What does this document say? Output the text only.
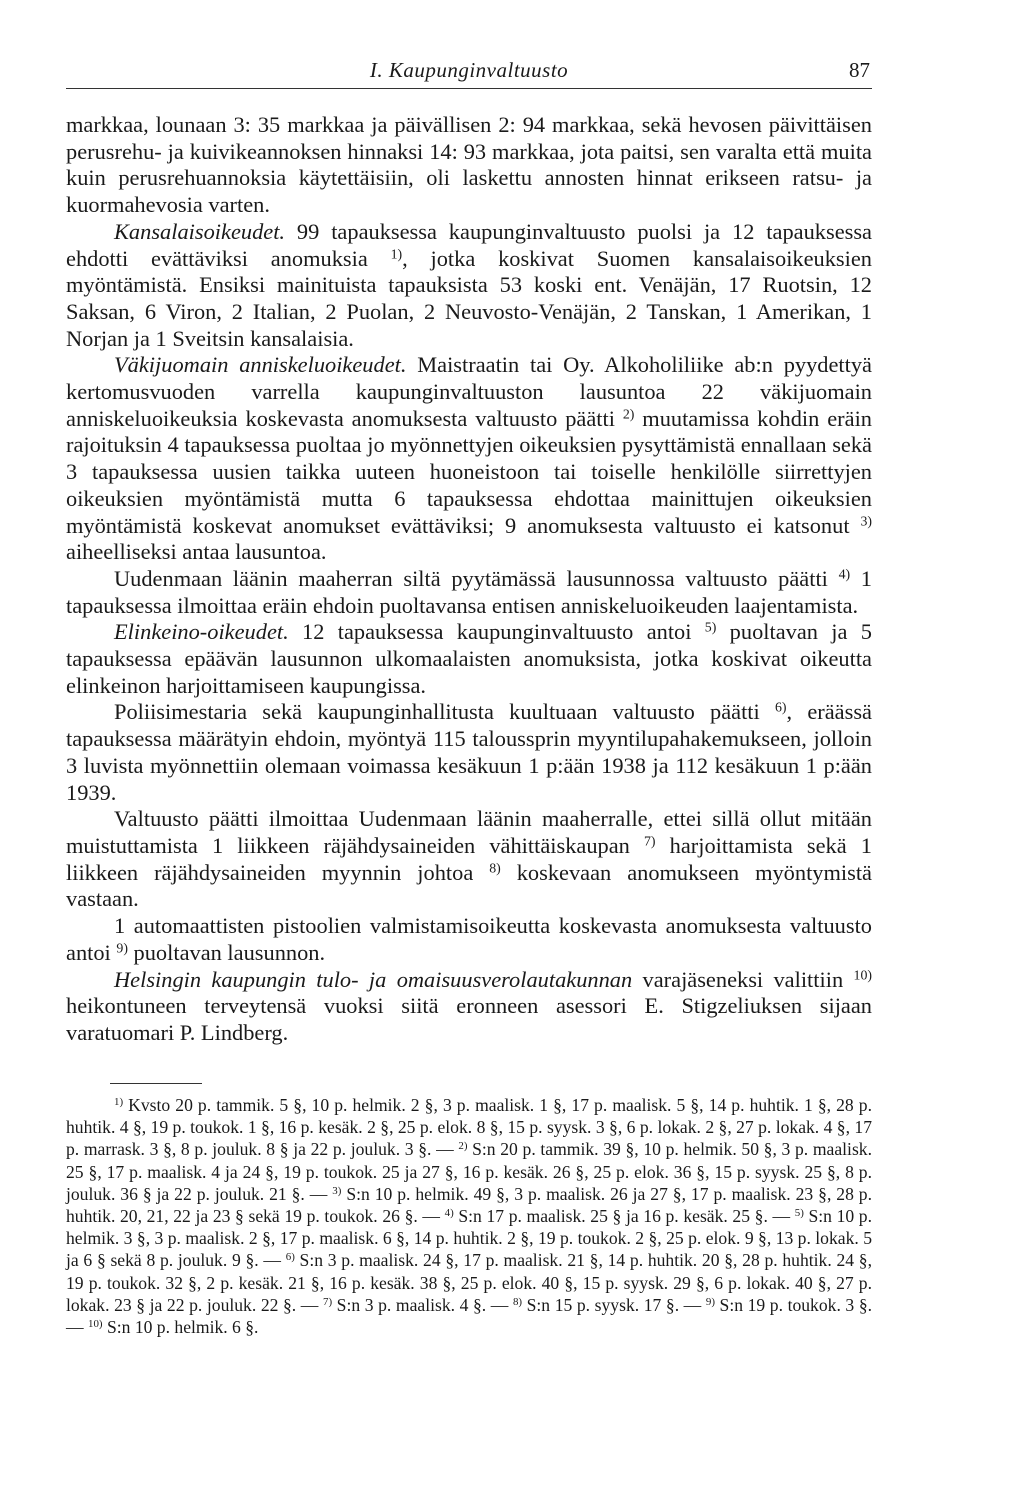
I. Kaupunginvaltuusto	87

markkaa, lounaan 3: 35 markkaa ja päivällisen 2: 94 markkaa, sekä hevosen päivittäisen perusrehu- ja kuivikeannoksen hinnaksi 14: 93 markkaa, jota paitsi, sen varalta että muita kuin perusrehuannoksia käytettäisiin, oli laskettu annosten hinnat erikseen ratsu- ja kuormahevosia varten.

Kansalaisoikeudet. 99 tapauksessa kaupunginvaltuusto puolsi ja 12 tapauksessa ehdotti evättäviksi anomuksia $^{1)}$, jotka koskivat Suomen kansalaisoikeuksien myöntämistä. Ensiksi mainituista tapauksista 53 koski ent. Venäjän, 17 Ruotsin, 12 Saksan, 6 Viron, 2 Italian, 2 Puolan, 2 Neuvosto-Venäjän, 2 Tanskan, 1 Amerikan, 1 Norjan ja 1 Sveitsin kansalaisia.

Väkijuomain anniskeluoikeudet. Maistraatin tai Oy. Alkoholiliike ab:n pyydettyä kertomusvuoden varrella kaupunginvaltuuston lausuntoa 22 väkijuomain anniskeluoikeuksia koskevasta anomuksesta valtuusto päätti $^{2)}$ muutamissa kohdin eräin rajoituksin 4 tapauksessa puoltaa jo myönnettyjen oikeuksien pysyttämistä ennallaan sekä 3 tapauksessa uusien taikka uuteen huoneistoon tai toiselle henkilölle siirrettyjen oikeuksien myöntämistä mutta 6 tapauksessa ehdottaa mainittujen oikeuksien myöntämistä koskevat anomukset evättäviksi; 9 anomuksesta valtuusto ei katsonut $^{3)}$ aiheelliseksi antaa lausuntoa.

Uudenmaan läänin maaherran siltä pyytämässä lausunnossa valtuusto päätti $^{4)}$ 1 tapauksessa ilmoittaa eräin ehdoin puoltavansa entisen anniskeluoikeuden laajentamista.

Elinkeino-oikeudet. 12 tapauksessa kaupunginvaltuusto antoi $^{5)}$ puoltavan ja 5 tapauksessa epäävän lausunnon ulkomaalaisten anomuksista, jotka koskivat oikeutta elinkeinon harjoittamiseen kaupungissa.

Poliisimestaria sekä kaupunginhallitusta kuultuaan valtuusto päätti $^{6)}$, eräässä tapauksessa määrätyin ehdoin, myöntyä 115 taloussprin myyntilupahakemukseen, jolloin 3 luvista myönnettiin olemaan voimassa kesäkuun 1 p:ään 1938 ja 112 kesäkuun 1 p:ään 1939.

Valtuusto päätti ilmoittaa Uudenmaan läänin maaherralle, ettei sillä ollut mitään muistuttamista 1 liikkeen räjähdysaineiden vähittäiskaupan $^{7)}$ harjoittamista sekä 1 liikkeen räjähdysaineiden myynnin johtoa $^{8)}$ koskevaan anomukseen myöntymistä vastaan.

1 automaattisten pistoolien valmistamisoikeutta koskevasta anomuksesta valtuusto antoi $^{9)}$ puoltavan lausunnon.

Helsingin kaupungin tulo- ja omaisuusverolautakunnan varajäseneksi valittiin $^{10)}$ heikontuneen terveytensä vuoksi siitä eronneen asessori E. Stigzeliuksen sijaan varatuomari P. Lindberg.

$^{1)}$ Kvsto 20 p. tammik. 5 §, 10 p. helmik. 2 §, 3 p. maalisk. 1 §, 17 p. maalisk. 5 §, 14 p. huhtik. 1 §, 28 p. huhtik. 4 §, 19 p. toukok. 1 §, 16 p. kesäk. 2 §, 25 p. elok. 8 §, 15 p. syysk. 3 §, 6 p. lokak. 2 §, 27 p. lokak. 4 §, 17 p. marrask. 3 §, 8 p. jouluk. 8 § ja 22 p. jouluk. 3 §. — $^{2)}$ S:n 20 p. tammik. 39 §, 10 p. helmik. 50 §, 3 p. maalisk. 25 §, 17 p. maalisk. 4 ja 24 §, 19 p. toukok. 25 ja 27 §, 16 p. kesäk. 26 §, 25 p. elok. 36 §, 15 p. syysk. 25 §, 8 p. jouluk. 36 § ja 22 p. jouluk. 21 §. — $^{3)}$ S:n 10 p. helmik. 49 §, 3 p. maalisk. 26 ja 27 §, 17 p. maalisk. 23 §, 28 p. huhtik. 20, 21, 22 ja 23 § sekä 19 p. toukok. 26 §. — $^{4)}$ S:n 17 p. maalisk. 25 § ja 16 p. kesäk. 25 §. — $^{5)}$ S:n 10 p. helmik. 3 §, 3 p. maalisk. 2 §, 17 p. maalisk. 6 §, 14 p. huhtik. 2 §, 19 p. toukok. 2 §, 25 p. elok. 9 §, 13 p. lokak. 5 ja 6 § sekä 8 p. jouluk. 9 §. — $^{6)}$ S:n 3 p. maalisk. 24 §, 17 p. maalisk. 21 §, 14 p. huhtik. 20 §, 28 p. huhtik. 24 §, 19 p. toukok. 32 §, 2 p. kesäk. 21 §, 16 p. kesäk. 38 §, 25 p. elok. 40 §, 15 p. syysk. 29 §, 6 p. lokak. 40 §, 27 p. lokak. 23 § ja 22 p. jouluk. 22 §. — $^{7)}$ S:n 3 p. maalisk. 4 §. — $^{8)}$ S:n 15 p. syysk. 17 §. — $^{9)}$ S:n 19 p. toukok. 3 §. — $^{10)}$ S:n 10 p. helmik. 6 §.
